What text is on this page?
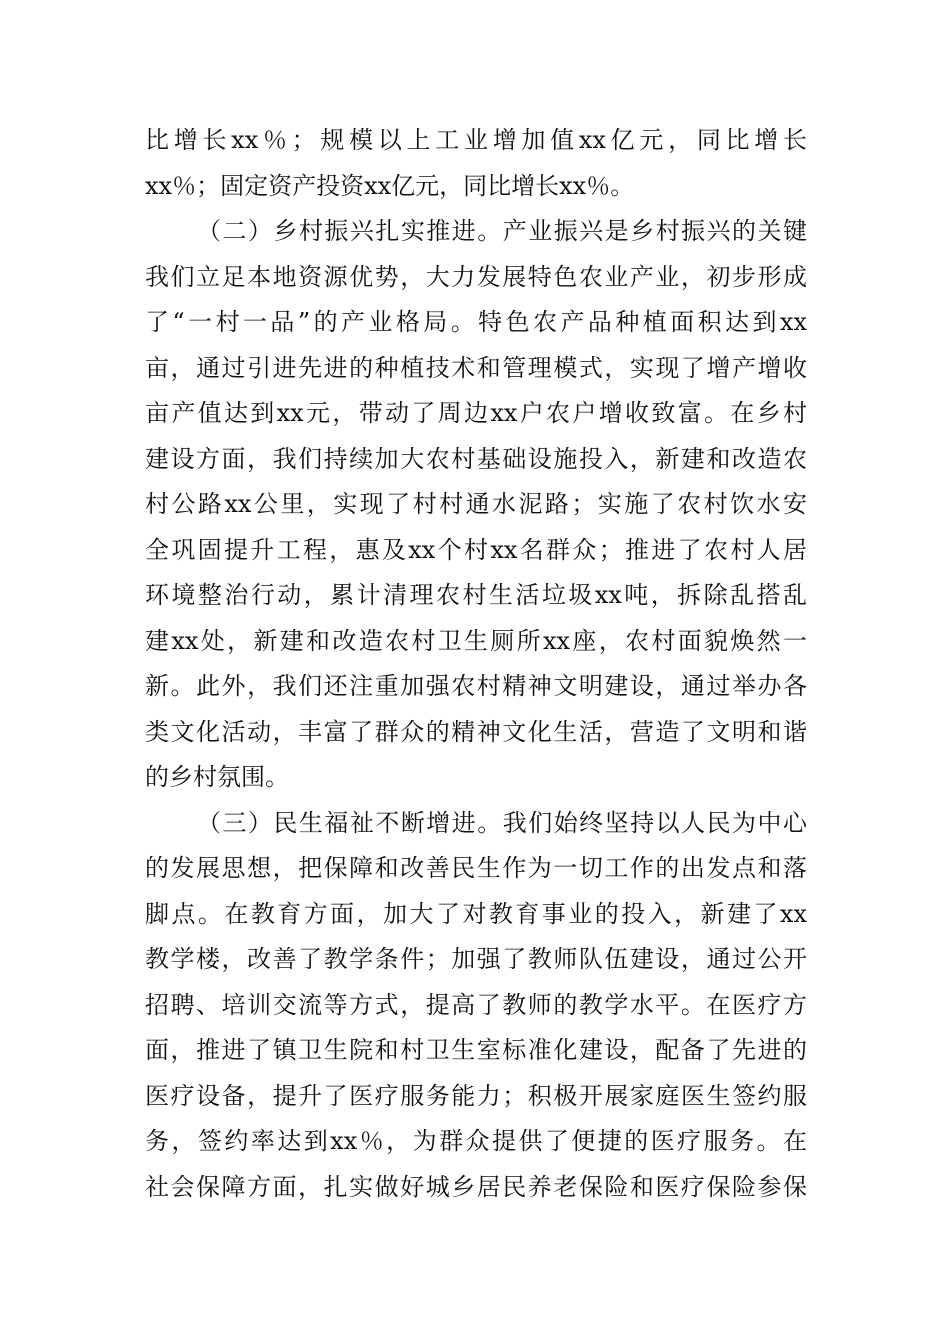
比增长xx％；规模以上工业增加值xx亿元，同比增长
xx％；固定资产投资xx亿元，同比增长xx％。
（二）乡村振兴扎实推进。产业振兴是乡村振兴的关键
我们立足本地资源优势，大力发展特色农业产业，初步形成
了“一村一品”的产业格局。特色农产品种植面积达到xx
亩，通过引进先进的种植技术和管理模式，实现了增产增收
亩产值达到xx元，带动了周边xx户农户增收致富。在乡村
建设方面，我们持续加大农村基础设施投入，新建和改造农
村公路xx公里，实现了村村通水泥路；实施了农村饮水安
全巩固提升工程，惠及xx个村xx名群众；推进了农村人居
环境整治行动，累计清理农村生活垃圾xx吨，拆除乱搭乱
建xx处，新建和改造农村卫生厕所xx座，农村面貌焕然一
新。此外，我们还注重加强农村精神文明建设，通过举办各
类文化活动，丰富了群众的精神文化生活，营造了文明和谐
的乡村氛围。
（三）民生福祉不断增进。我们始终坚持以人民为中心
的发展思想，把保障和改善民生作为一切工作的出发点和落
脚点。在教育方面，加大了对教育事业的投入，新建了xx
教学楼，改善了教学条件；加强了教师队伍建设，通过公开
招聘、培训交流等方式，提高了教师的教学水平。在医疗方
面，推进了镇卫生院和村卫生室标准化建设，配备了先进的
医疗设备，提升了医疗服务能力；积极开展家庭医生签约服
务，签约率达到xx％，为群众提供了便捷的医疗服务。在
社会保障方面，扎实做好城乡居民养老保险和医疗保险参保
